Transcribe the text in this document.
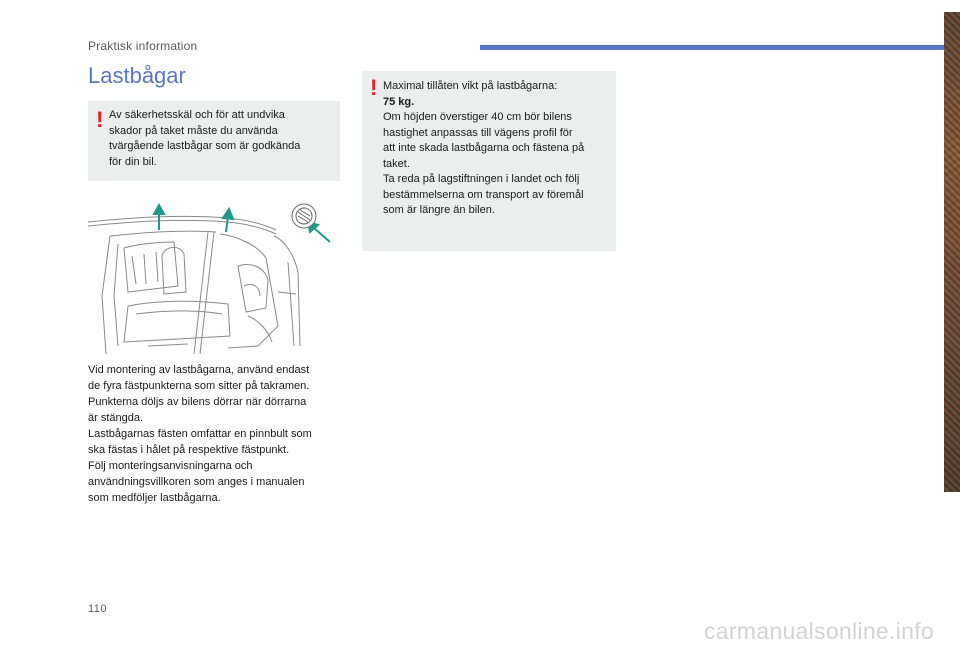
Praktisk information
Lastbågar
! Av säkerhetsskäl och för att undvika

skador på taket måste du använda

tvärgående lastbågar som är godkända

för din bil.

! Maximal tillåten vikt på lastbågarna:

75 kg.

Om höjden överstiger 40 cm bör bilens

hastighet anpassas till vägens profil för

att inte skada lastbågarna och fästena på

taket.

Ta reda på lagstiftningen i landet och följ

bestämmelserna om transport av föremål

som är längre än bilen.

Vid montering av lastbågarna, använd endast

de fyra fästpunkterna som sitter på takramen.

Punkterna döljs av bilens dörrar när dörrarna

är stängda.

Lastbågarnas fästen omfattar en pinnbult som

ska fästas i hålet på respektive fästpunkt.

Följ monteringsanvisningarna och

användningsvillkoren som anges i manualen

som medföljer lastbågarna.

110
carmanualsonline.info
